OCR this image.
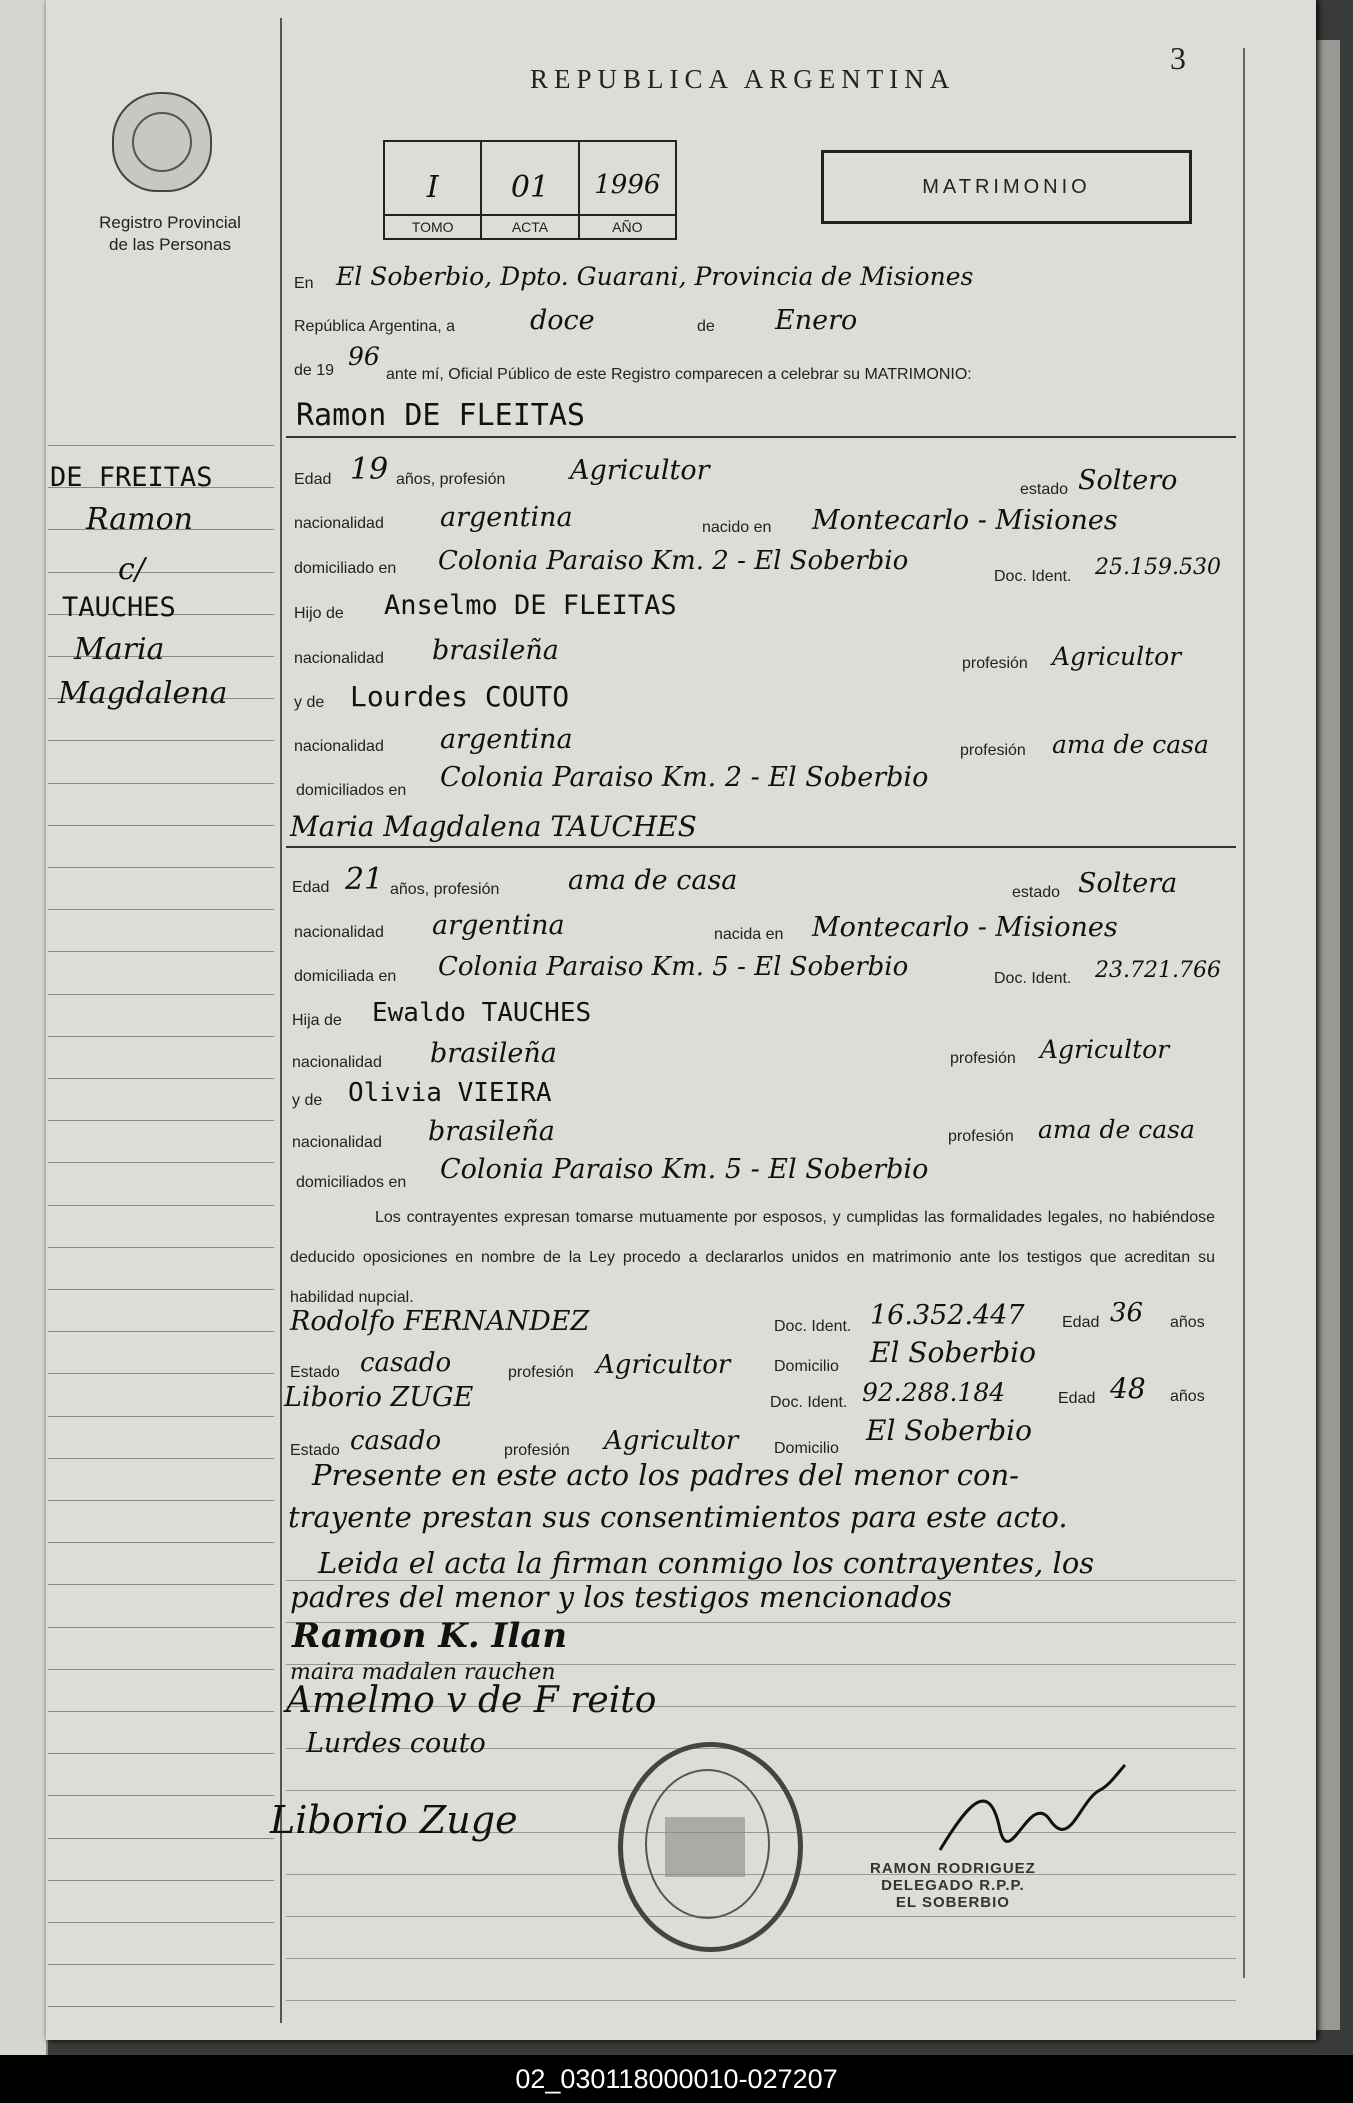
3
REPUBLICA ARGENTINA
Registro Provincial
de las Personas
I
TOMO
01
ACTA
1996
AÑO
MATRIMONIO
DE FREITAS
Ramon
c/
TAUCHES
Maria
Magdalena
En El Soberbio, Dpto. Guarani, Provincia de Misiones
República Argentina, a	doce	de Enero
de 19 96
ante mí, Oficial Público de este Registro comparecen a celebrar su MATRIMONIO:
Ramon DE FLEITAS
Edad 19 años, profesión Agricultor
estado Soltero
nacionalidad argentina	nacido en Montecarlo - Misiones
domiciliado en Colonia Paraiso Km. 2 - El Soberbio
Doc. Ident. 25.159.530
Hijo de Anselmo DE FLEITAS
nacionalidad brasileña	profesión Agricultor
y de Lourdes COUTO
nacionalidad argentina	profesión ama de casa
domiciliados en Colonia Paraiso Km. 2 - El Soberbio
Maria Magdalena TAUCHES
Edad 21 años, profesión	ama de casa	estado Soltera
nacionalidad argentina	nacida en Montecarlo - Misiones
domiciliada en Colonia Paraiso Km. 5 - El Soberbio	Doc. Ident. 23.721.766
Hija de Ewaldo TAUCHES
nacionalidad brasileña	profesión Agricultor
y de Olivia VIEIRA
nacionalidad brasileña	profesión ama de casa
domiciliados en Colonia Paraiso Km. 5 - El Soberbio
Los contrayentes expresan tomarse mutuamente por esposos, y cumplidas las formalidades legales, no habiéndose deducido oposiciones en nombre de la Ley procedo a declararlos unidos en matrimonio ante los testigos que acreditan su habilidad nupcial.
Rodolfo FERNANDEZ	Doc. Ident. 16.352.447 Edad 36 años
Estado casado	profesión Agricultor	Domicilio El Soberbio
Liborio ZUGE	Doc. Ident. 92.288.184	Edad 48 años
Estado casado	profesión Agricultor Domicilio
El Soberbio
Presente en este acto los padres del menor con-
trayente prestan sus consentimientos para este acto.
Leida el acta la firman conmigo los contrayentes, los
padres del menor y los testigos mencionados
Ramon K. Ilan
maira madalen rauchen
Amelmo v de F reito
Lurdes couto
Liborio Zuge
RAMON RODRIGUEZ
DELEGADO R.P.P.
EL SOBERBIO
02_030118000010-027207
